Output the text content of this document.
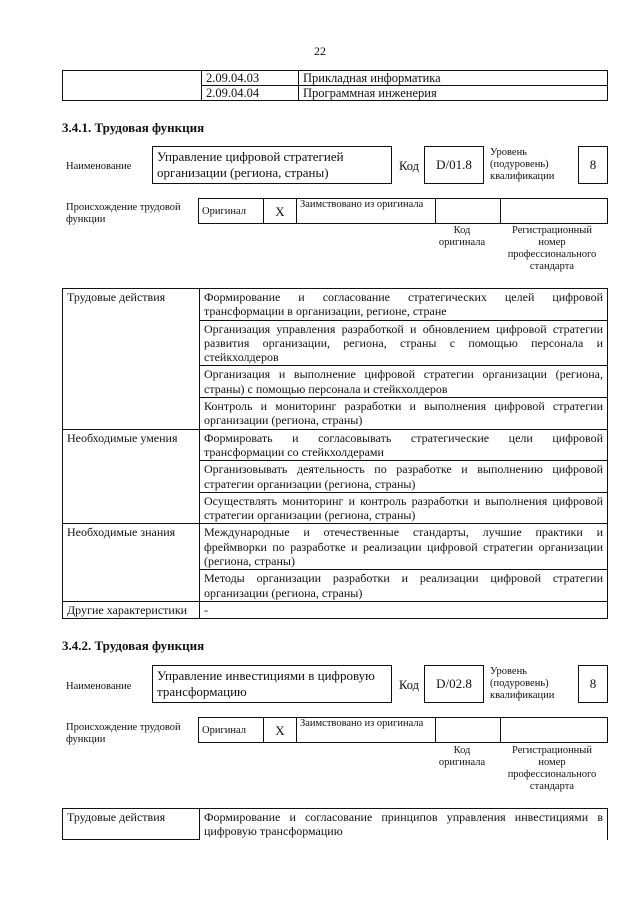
22
	2.09.04.03	Прикладная информатика
	2.09.04.04	Программная инженерия
3.4.1. Трудовая функция
Наименование
Управление цифровой стратегией организации (региона, страны)	Код	D/01.8
Уровень (подуровень) квалификации
8
Происхождение трудовой функции
Оригинал	X	Заимствовано из оригинала		
Код оригинала
Регистрационный номер профессионального стандарта
Трудовые действия	Формирование и согласование стратегических целей цифровой трансформации в организации, регионе, стране
	Организация управления разработкой и обновлением цифровой стратегии развития организации, региона, страны с помощью персонала и стейкхолдеров
	Организация и выполнение цифровой стратегии организации (региона, страны) с помощью персонала и стейкхолдеров
	Контроль и мониторинг разработки и выполнения цифровой стратегии организации (региона, страны)
Необходимые умения	Формировать и согласовывать стратегические цели цифровой трансформации со стейкхолдерами
	Организовывать деятельность по разработке и выполнению цифровой стратегии организации (региона, страны)
	Осуществлять мониторинг и контроль разработки и выполнения цифровой стратегии организации (региона, страны)
Необходимые знания	Международные и отечественные стандарты, лучшие практики и фреймворки по разработке и реализации цифровой стратегии организации (региона, страны)
	Методы организации разработки и реализации цифровой стратегии организации (региона, страны)
Другие характеристики	-
3.4.2. Трудовая функция
Наименование
Управление инвестициями в цифровую трансформацию	Код	D/02.8
Уровень (подуровень) квалификации
8
Происхождение трудовой функции
Оригинал	X	Заимствовано из оригинала		
Код оригинала
Регистрационный номер профессионального стандарта
Трудовые действия	Формирование и согласование принципов управления инвестициями в цифровую трансформацию
